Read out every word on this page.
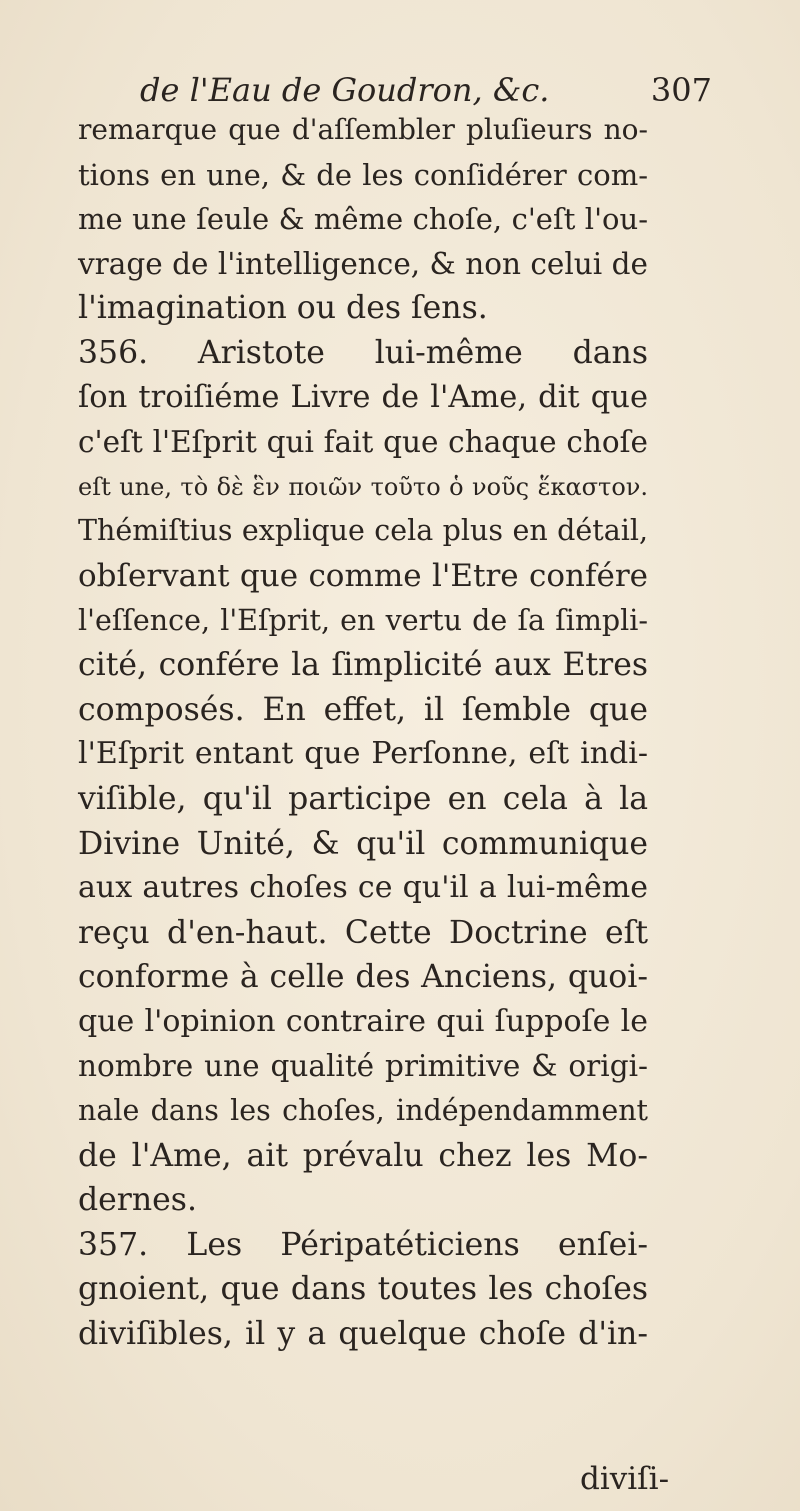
de l'Eau de Goudron, &c.	307
remarque que d'aſſembler pluſieurs no-
tions en une, & de les conſidérer com-
me une ſeule & même choſe, c'eſt l'ou-
vrage de l'intelligence, & non celui de
l'imagination ou des ſens.
356. Aristote lui-même dans
ſon troiſiéme Livre de l'Ame, dit que
c'eſt l'Eſprit qui fait que chaque choſe
eſt une, τὸ δὲ ἓν ποιῶν τοῦτο ὁ νοῦς ἕκαστον.
Thémiſtius explique cela plus en détail,
obſervant que comme l'Etre confére
l'eſſence, l'Eſprit, en vertu de ſa ſimpli-
cité, confére la ſimplicité aux Etres
composés. En effet, il ſemble que
l'Eſprit entant que Perſonne, eſt indi-
viſible, qu'il participe en cela à la
Divine Unité, & qu'il communique
aux autres choſes ce qu'il a lui-même
reçu d'en-haut. Cette Doctrine eſt
conforme à celle des Anciens, quoi-
que l'opinion contraire qui ſuppoſe le
nombre une qualité primitive & origi-
nale dans les choſes, indépendamment
de l'Ame, ait prévalu chez les Mo-
dernes.
357. Les Péripatéticiens enſei-
gnoient, que dans toutes les choſes
diviſibles, il y a quelque choſe d'in-
diviſi-
